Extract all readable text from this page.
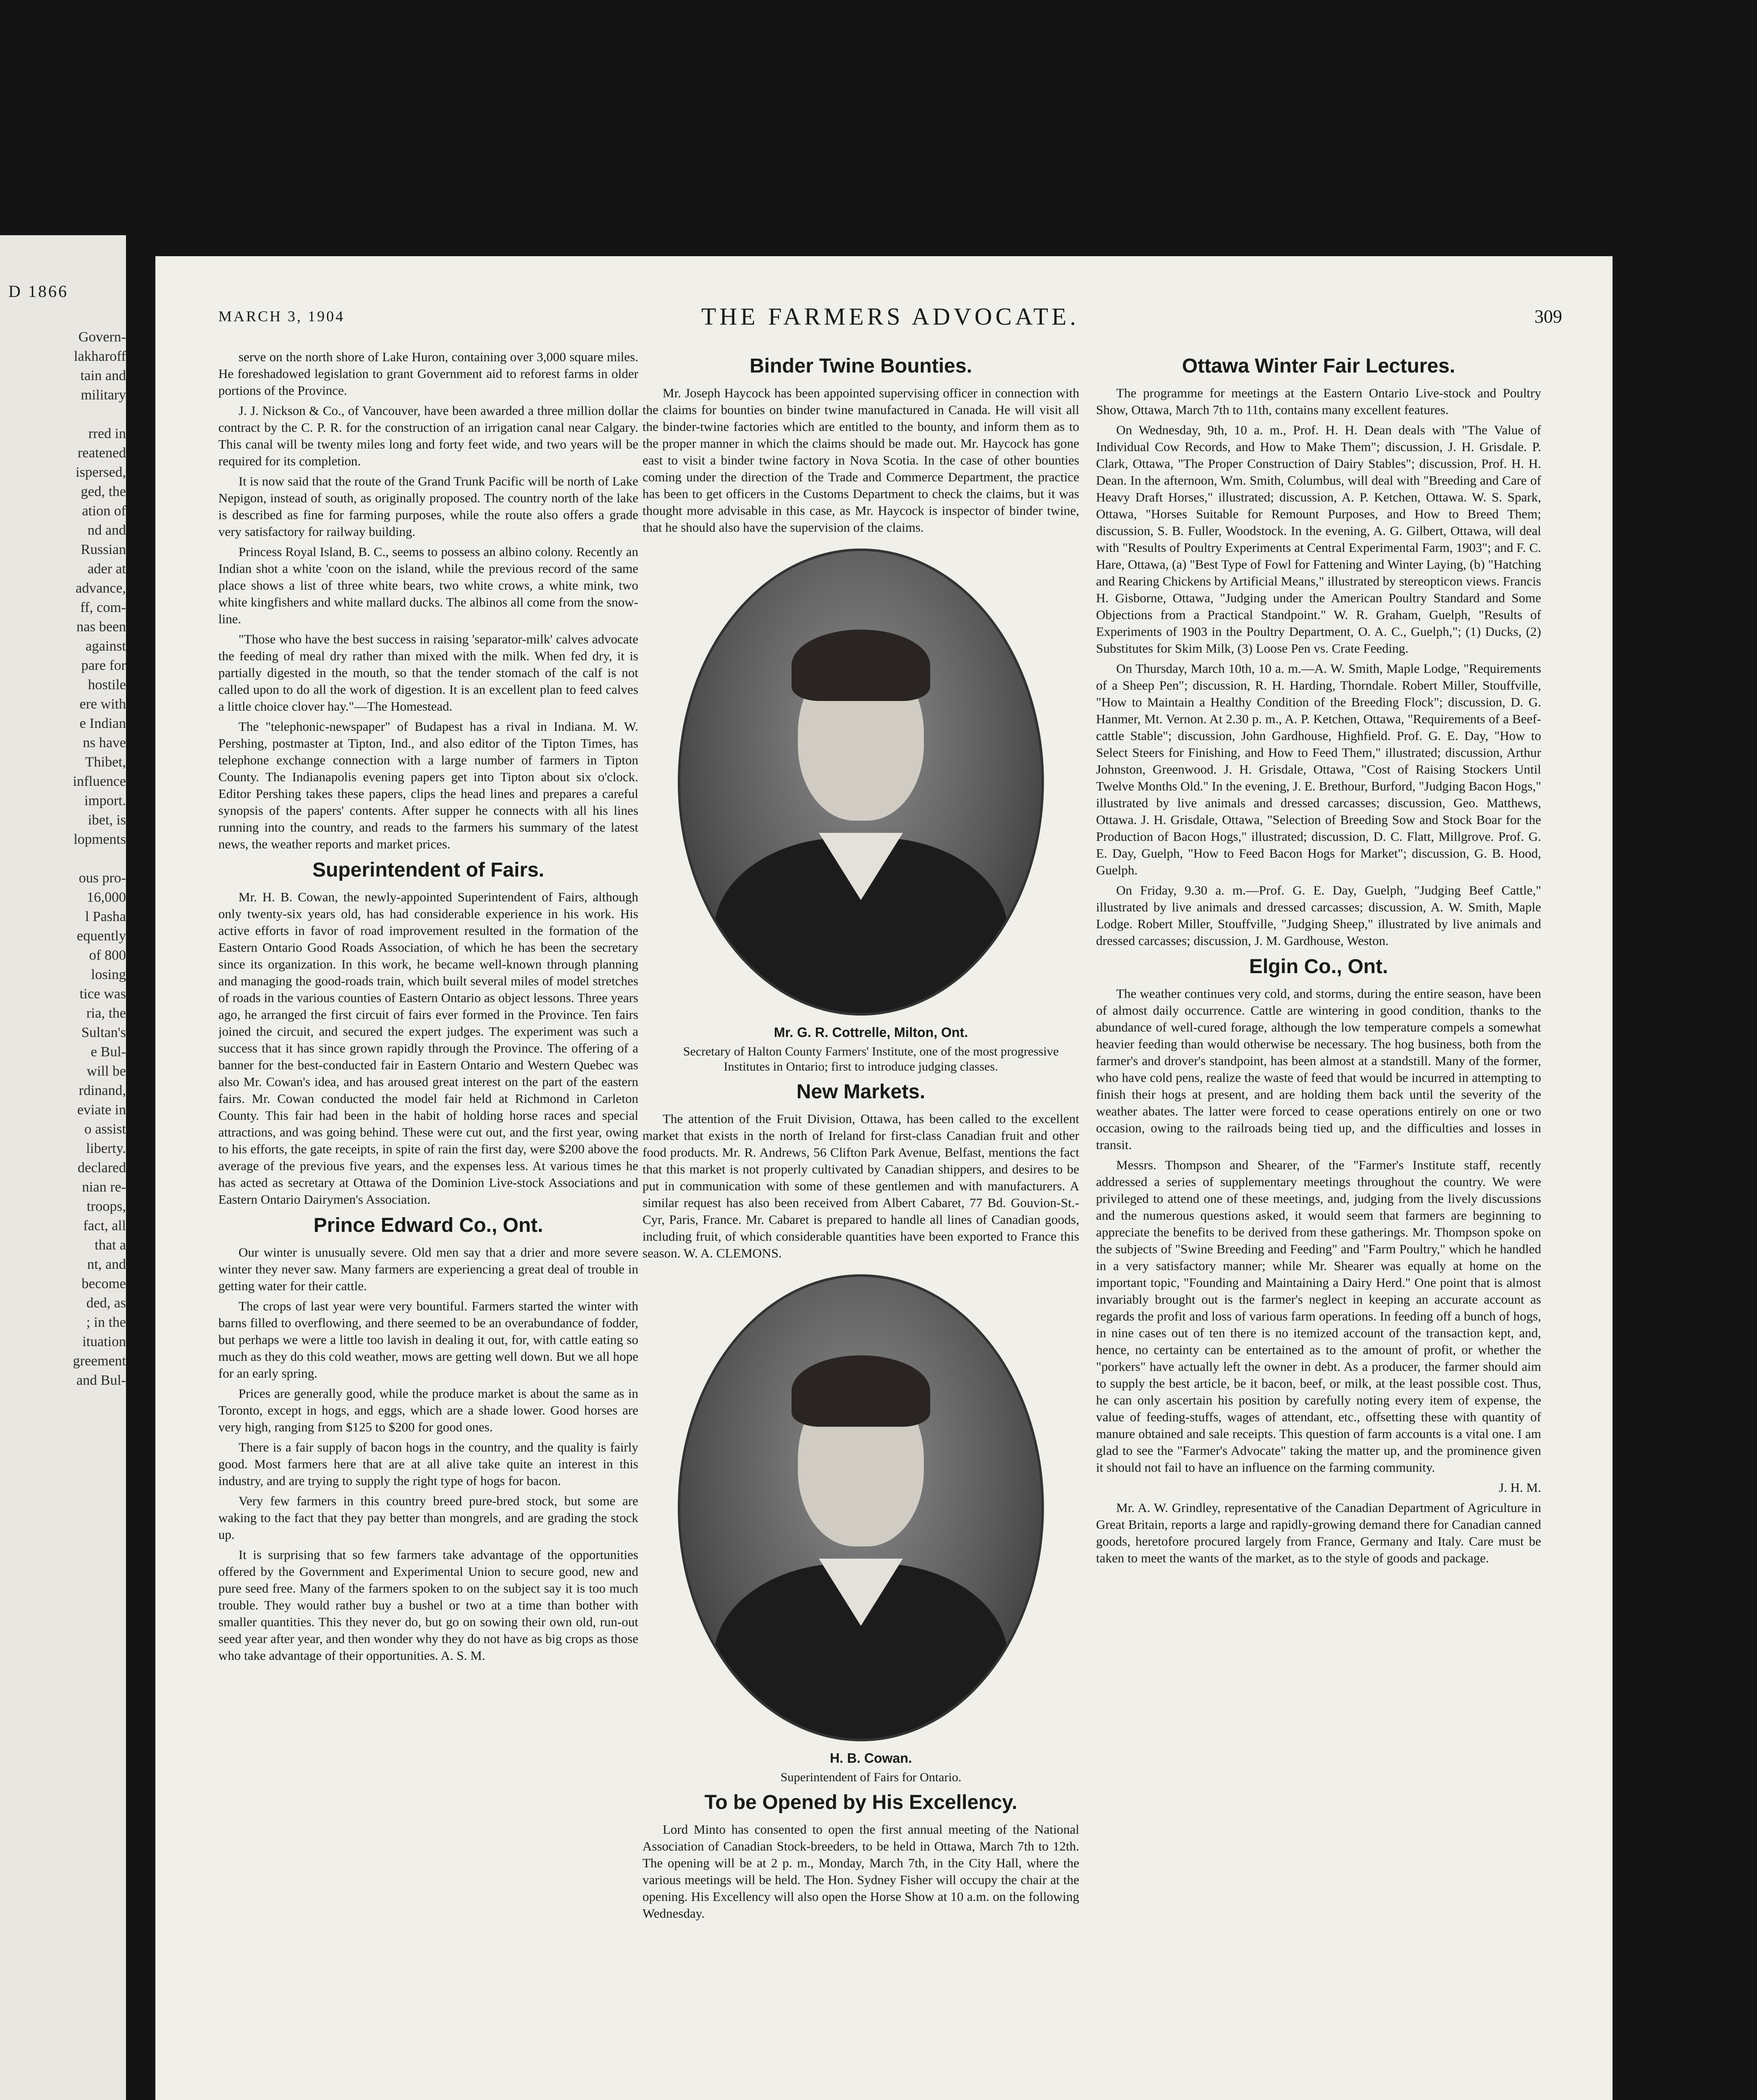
D 1866
Govern-
lakharoff
tain and
military

rred in
reatened
ispersed,
ged, the
ation of
nd and
Russian
ader at
advance,
ff, com-
nas been
against
pare for
hostile
ere with
e Indian
ns have
Thibet,
influence
import.
ibet, is
lopments

ous pro-
16,000
l Pasha
equently
of 800
losing
tice was
ria, the
Sultan's
e Bul-
will be
rdinand,
eviate in
o assist
liberty.
declared
nian re-
troops,
fact, all
that a
nt, and
become
ded, as
; in the
ituation
greement
and Bul-
MARCH 3, 1904	THE FARMERS ADVOCATE.	309

serve on the north shore of Lake Huron, containing over 3,000 square miles. He foreshadowed legislation to grant Government aid to reforest farms in older portions of the Province.

J. J. Nickson & Co., of Vancouver, have been awarded a three million dollar contract by the C. P. R. for the construction of an irrigation canal near Calgary. This canal will be twenty miles long and forty feet wide, and two years will be required for its completion.

It is now said that the route of the Grand Trunk Pacific will be north of Lake Nepigon, instead of south, as originally proposed. The country north of the lake is described as fine for farming purposes, while the route also offers a grade very satisfactory for railway building.

Princess Royal Island, B. C., seems to possess an albino colony. Recently an Indian shot a white 'coon on the island, while the previous record of the same place shows a list of three white bears, two white crows, a white mink, two white kingfishers and white mallard ducks. The albinos all come from the snow-line.

"Those who have the best success in raising 'separator-milk' calves advocate the feeding of meal dry rather than mixed with the milk. When fed dry, it is partially digested in the mouth, so that the tender stomach of the calf is not called upon to do all the work of digestion. It is an excellent plan to feed calves a little choice clover hay."—The Homestead.

The "telephonic-newspaper" of Budapest has a rival in Indiana. M. W. Pershing, postmaster at Tipton, Ind., and also editor of the Tipton Times, has telephone exchange connection with a large number of farmers in Tipton County. The Indianapolis evening papers get into Tipton about six o'clock. Editor Pershing takes these papers, clips the head lines and prepares a careful synopsis of the papers' contents. After supper he connects with all his lines running into the country, and reads to the farmers his summary of the latest news, the weather reports and market prices.

Superintendent of Fairs.

Mr. H. B. Cowan, the newly-appointed Superintendent of Fairs, although only twenty-six years old, has had considerable experience in his work. His active efforts in favor of road improvement resulted in the formation of the Eastern Ontario Good Roads Association, of which he has been the secretary since its organization. In this work, he became well-known through planning and managing the good-roads train, which built several miles of model stretches of roads in the various counties of Eastern Ontario as object lessons. Three years ago, he arranged the first circuit of fairs ever formed in the Province. Ten fairs joined the circuit, and secured the expert judges. The experiment was such a success that it has since grown rapidly through the Province. The offering of a banner for the best-conducted fair in Eastern Ontario and Western Quebec was also Mr. Cowan's idea, and has aroused great interest on the part of the eastern fairs. Mr. Cowan conducted the model fair held at Richmond in Carleton County. This fair had been in the habit of holding horse races and special attractions, and was going behind. These were cut out, and the first year, owing to his efforts, the gate receipts, in spite of rain the first day, were $200 above the average of the previous five years, and the expenses less. At various times he has acted as secretary at Ottawa of the Dominion Live-stock Associations and Eastern Ontario Dairymen's Association.

Prince Edward Co., Ont.

Our winter is unusually severe. Old men say that a drier and more severe winter they never saw. Many farmers are experiencing a great deal of trouble in getting water for their cattle.

The crops of last year were very bountiful. Farmers started the winter with barns filled to overflowing, and there seemed to be an overabundance of fodder, but perhaps we were a little too lavish in dealing it out, for, with cattle eating so much as they do this cold weather, mows are getting well down. But we all hope for an early spring.

Prices are generally good, while the produce market is about the same as in Toronto, except in hogs, and eggs, which are a shade lower. Good horses are very high, ranging from $125 to $200 for good ones.

There is a fair supply of bacon hogs in the country, and the quality is fairly good. Most farmers here that are at all alive take quite an interest in this industry, and are trying to supply the right type of hogs for bacon.

Very few farmers in this country breed pure-bred stock, but some are waking to the fact that they pay better than mongrels, and are grading the stock up.

It is surprising that so few farmers take advantage of the opportunities offered by the Government and Experimental Union to secure good, new and pure seed free. Many of the farmers spoken to on the subject say it is too much trouble. They would rather buy a bushel or two at a time than bother with smaller quantities. This they never do, but go on sowing their own old, run-out seed year after year, and then wonder why they do not have as big crops as those who take advantage of their opportunities. A. S. M.

Binder Twine Bounties.

Mr. Joseph Haycock has been appointed supervising officer in connection with the claims for bounties on binder twine manufactured in Canada. He will visit all the binder-twine factories which are entitled to the bounty, and inform them as to the proper manner in which the claims should be made out. Mr. Haycock has gone east to visit a binder twine factory in Nova Scotia. In the case of other bounties coming under the direction of the Trade and Commerce Department, the practice has been to get officers in the Customs Department to check the claims, but it was thought more advisable in this case, as Mr. Haycock is inspector of binder twine, that he should also have the supervision of the claims.

Mr. G. R. Cottrelle, Milton, Ont.

Secretary of Halton County Farmers' Institute, one of the most progressive Institutes in Ontario; first to introduce judging classes.

New Markets.

The attention of the Fruit Division, Ottawa, has been called to the excellent market that exists in the north of Ireland for first-class Canadian fruit and other food products. Mr. R. Andrews, 56 Clifton Park Avenue, Belfast, mentions the fact that this market is not properly cultivated by Canadian shippers, and desires to be put in communication with some of these gentlemen and with manufacturers. A similar request has also been received from Albert Cabaret, 77 Bd. Gouvion-St.-Cyr, Paris, France. Mr. Cabaret is prepared to handle all lines of Canadian goods, including fruit, of which considerable quantities have been exported to France this season. W. A. CLEMONS.

H. B. Cowan.

Superintendent of Fairs for Ontario.

To be Opened by His Excellency.

Lord Minto has consented to open the first annual meeting of the National Association of Canadian Stock-breeders, to be held in Ottawa, March 7th to 12th. The opening will be at 2 p. m., Monday, March 7th, in the City Hall, where the various meetings will be held. The Hon. Sydney Fisher will occupy the chair at the opening. His Excellency will also open the Horse Show at 10 a.m. on the following Wednesday.

Ottawa Winter Fair Lectures.

The programme for meetings at the Eastern Ontario Live-stock and Poultry Show, Ottawa, March 7th to 11th, contains many excellent features.

On Wednesday, 9th, 10 a. m., Prof. H. H. Dean deals with "The Value of Individual Cow Records, and How to Make Them"; discussion, J. H. Grisdale. P. Clark, Ottawa, "The Proper Construction of Dairy Stables"; discussion, Prof. H. H. Dean. In the afternoon, Wm. Smith, Columbus, will deal with "Breeding and Care of Heavy Draft Horses," illustrated; discussion, A. P. Ketchen, Ottawa. W. S. Spark, Ottawa, "Horses Suitable for Remount Purposes, and How to Breed Them; discussion, S. B. Fuller, Woodstock. In the evening, A. G. Gilbert, Ottawa, will deal with "Results of Poultry Experiments at Central Experimental Farm, 1903"; and F. C. Hare, Ottawa, (a) "Best Type of Fowl for Fattening and Winter Laying, (b) "Hatching and Rearing Chickens by Artificial Means," illustrated by stereopticon views. Francis H. Gisborne, Ottawa, "Judging under the American Poultry Standard and Some Objections from a Practical Standpoint." W. R. Graham, Guelph, "Results of Experiments of 1903 in the Poultry Department, O. A. C., Guelph,"; (1) Ducks, (2) Substitutes for Skim Milk, (3) Loose Pen vs. Crate Feeding.

On Thursday, March 10th, 10 a. m.—A. W. Smith, Maple Lodge, "Requirements of a Sheep Pen"; discussion, R. H. Harding, Thorndale. Robert Miller, Stouffville, "How to Maintain a Healthy Condition of the Breeding Flock"; discussion, D. G. Hanmer, Mt. Vernon. At 2.30 p. m., A. P. Ketchen, Ottawa, "Requirements of a Beef-cattle Stable"; discussion, John Gardhouse, Highfield. Prof. G. E. Day, "How to Select Steers for Finishing, and How to Feed Them," illustrated; discussion, Arthur Johnston, Greenwood. J. H. Grisdale, Ottawa, "Cost of Raising Stockers Until Twelve Months Old." In the evening, J. E. Brethour, Burford, "Judging Bacon Hogs," illustrated by live animals and dressed carcasses; discussion, Geo. Matthews, Ottawa. J. H. Grisdale, Ottawa, "Selection of Breeding Sow and Stock Boar for the Production of Bacon Hogs," illustrated; discussion, D. C. Flatt, Millgrove. Prof. G. E. Day, Guelph, "How to Feed Bacon Hogs for Market"; discussion, G. B. Hood, Guelph.

On Friday, 9.30 a. m.—Prof. G. E. Day, Guelph, "Judging Beef Cattle," illustrated by live animals and dressed carcasses; discussion, A. W. Smith, Maple Lodge. Robert Miller, Stouffville, "Judging Sheep," illustrated by live animals and dressed carcasses; discussion, J. M. Gardhouse, Weston.

Elgin Co., Ont.

The weather continues very cold, and storms, during the entire season, have been of almost daily occurrence. Cattle are wintering in good condition, thanks to the abundance of well-cured forage, although the low temperature compels a somewhat heavier feeding than would otherwise be necessary. The hog business, both from the farmer's and drover's standpoint, has been almost at a standstill. Many of the former, who have cold pens, realize the waste of feed that would be incurred in attempting to finish their hogs at present, and are holding them back until the severity of the weather abates. The latter were forced to cease operations entirely on one or two occasion, owing to the railroads being tied up, and the difficulties and losses in transit.

Messrs. Thompson and Shearer, of the "Farmer's Institute staff, recently addressed a series of supplementary meetings throughout the country. We were privileged to attend one of these meetings, and, judging from the lively discussions and the numerous questions asked, it would seem that farmers are beginning to appreciate the benefits to be derived from these gatherings. Mr. Thompson spoke on the subjects of "Swine Breeding and Feeding" and "Farm Poultry," which he handled in a very satisfactory manner; while Mr. Shearer was equally at home on the important topic, "Founding and Maintaining a Dairy Herd." One point that is almost invariably brought out is the farmer's neglect in keeping an accurate account as regards the profit and loss of various farm operations. In feeding off a bunch of hogs, in nine cases out of ten there is no itemized account of the transaction kept, and, hence, no certainty can be entertained as to the amount of profit, or whether the "porkers" have actually left the owner in debt. As a producer, the farmer should aim to supply the best article, be it bacon, beef, or milk, at the least possible cost. Thus, he can only ascertain his position by carefully noting every item of expense, the value of feeding-stuffs, wages of attendant, etc., offsetting these with quantity of manure obtained and sale receipts. This question of farm accounts is a vital one. I am glad to see the "Farmer's Advocate" taking the matter up, and the prominence given it should not fail to have an influence on the farming community.

J. H. M.

Mr. A. W. Grindley, representative of the Canadian Department of Agriculture in Great Britain, reports a large and rapidly-growing demand there for Canadian canned goods, heretofore procured largely from France, Germany and Italy. Care must be taken to meet the wants of the market, as to the style of goods and package.
